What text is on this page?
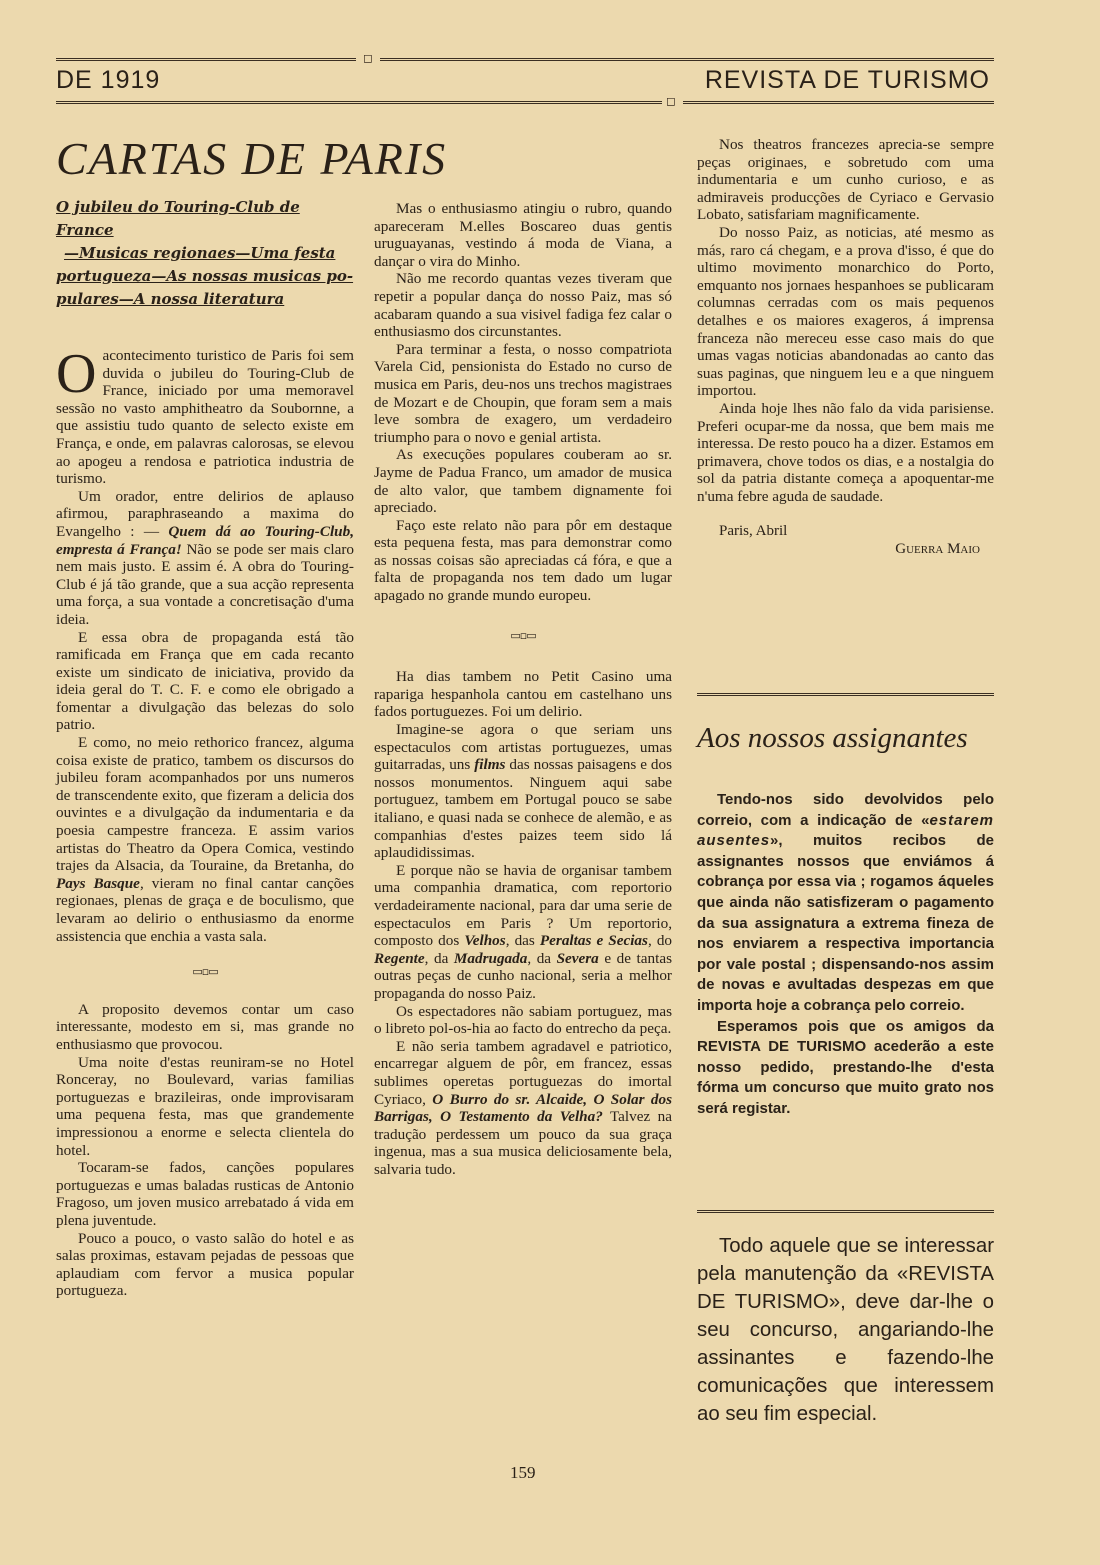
◻
DE 1919	REVISTA DE TURISMO
◻
CARTAS DE PARIS
O jubileu do Touring-Club de France
—Musicas regionaes—Uma festa
portugueza—As nossas musicas po-
pulares—A nossa literatura

Oacontecimento turistico de Paris foi sem duvida o jubileu do Touring-Club de France, iniciado por uma memoravel sessão no vasto amphitheatro da Soubornne, a que assistiu tudo quanto de selecto existe em França, e onde, em palavras calorosas, se elevou ao apogeu a rendosa e patriotica industria de turismo.

Um orador, entre delirios de aplauso afirmou, paraphraseando a maxima do Evangelho : — Quem dá ao Touring-Club, empresta á França! Não se pode ser mais claro nem mais justo. E assim é. A obra do Touring-Club é já tão grande, que a sua acção representa uma força, a sua vontade a concretisação d'uma ideia.

E essa obra de propaganda está tão ramificada em França que em cada recanto existe um sindicato de iniciativa, provido da ideia geral do T. C. F. e como ele obrigado a fomentar a divulgação das belezas do solo patrio.

E como, no meio rethorico francez, alguma coisa existe de pratico, tambem os discursos do jubileu foram acompanhados por uns numeros de transcendente exito, que fizeram a delicia dos ouvintes e a divulgação da indumentaria e da poesia campestre franceza. E assim varios artistas do Theatro da Opera Comica, vestindo trajes da Alsacia, da Touraine, da Bretanha, do Pays Basque, vieram no final cantar canções regionaes, plenas de graça e de boculismo, que levaram ao delirio o enthusiasmo da enorme assistencia que enchia a vasta sala.

▭▫▭

A proposito devemos contar um caso interessante, modesto em si, mas grande no enthusiasmo que provocou.

Uma noite d'estas reuniram-se no Hotel Ronceray, no Boulevard, varias familias portuguezas e brazileiras, onde improvisaram uma pequena festa, mas que grandemente impressionou a enorme e selecta clientela do hotel.

Tocaram-se fados, canções populares portuguezas e umas baladas rusticas de Antonio Fragoso, um joven musico arrebatado á vida em plena juventude.

Pouco a pouco, o vasto salão do hotel e as salas proximas, estavam pejadas de pessoas que aplaudiam com fervor a musica popular portugueza.

Mas o enthusiasmo atingiu o rubro, quando apareceram M.elles Boscareo duas gentis uruguayanas, vestindo á moda de Viana, a dançar o vira do Minho.

Não me recordo quantas vezes tiveram que repetir a popular dança do nosso Paiz, mas só acabaram quando a sua visivel fadiga fez calar o enthusiasmo dos circunstantes.

Para terminar a festa, o nosso compatriota Varela Cid, pensionista do Estado no curso de musica em Paris, deu-nos uns trechos magistraes de Mozart e de Choupin, que foram sem a mais leve sombra de exagero, um verdadeiro triumpho para o novo e genial artista.

As execuções populares couberam ao sr. Jayme de Padua Franco, um amador de musica de alto valor, que tambem dignamente foi apreciado.

Faço este relato não para pôr em destaque esta pequena festa, mas para demonstrar como as nossas coisas são apreciadas cá fóra, e que a falta de propaganda nos tem dado um lugar apagado no grande mundo europeu.

▭▫▭

Ha dias tambem no Petit Casino uma rapariga hespanhola cantou em castelhano uns fados portuguezes. Foi um delirio.

Imagine-se agora o que seriam uns espectaculos com artistas portuguezes, umas guitarradas, uns films das nossas paisagens e dos nossos monumentos. Ninguem aqui sabe portuguez, tambem em Portugal pouco se sabe italiano, e quasi nada se conhece de alemão, e as companhias d'estes paizes teem sido lá aplaudidissimas.

E porque não se havia de organisar tambem uma companhia dramatica, com reportorio verdadeiramente nacional, para dar uma serie de espectaculos em Paris ? Um reportorio, composto dos Velhos, das Peraltas e Secias, do Regente, da Madrugada, da Severa e de tantas outras peças de cunho nacional, seria a melhor propaganda do nosso Paiz.

Os espectadores não sabiam portuguez, mas o libreto pol-os-hia ao facto do entrecho da peça.

E não seria tambem agradavel e patriotico, encarregar alguem de pôr, em francez, essas sublimes operetas portuguezas do imortal Cyriaco, O Burro do sr. Alcaide, O Solar dos Barrigas, O Testamento da Velha? Talvez na tradução perdessem um pouco da sua graça ingenua, mas a sua musica deliciosamente bela, salvaria tudo.

Nos theatros francezes aprecia-se sempre peças originaes, e sobretudo com uma indumentaria e um cunho curioso, e as admiraveis producções de Cyriaco e Gervasio Lobato, satisfariam magnificamente.

Do nosso Paiz, as noticias, até mesmo as más, raro cá chegam, e a prova d'isso, é que do ultimo movimento monarchico do Porto, emquanto nos jornaes hespanhoes se publicaram columnas cerradas com os mais pequenos detalhes e os maiores exageros, á imprensa franceza não mereceu esse caso mais do que umas vagas noticias abandonadas ao canto das suas paginas, que ninguem leu e a que ninguem importou.

Ainda hoje lhes não falo da vida parisiense. Preferi ocupar-me da nossa, que bem mais me interessa. De resto pouco ha a dizer. Estamos em primavera, chove todos os dias, e a nostalgia do sol da patria distante começa a apoquentar-me n'uma febre aguda de saudade.

Paris, Abril
Guerra Maio
Aos nossos assignantes

Tendo-nos sido devolvidos pelo correio, com a indicação de «estarem ausentes», muitos recibos de assignantes nossos que enviámos á cobrança por essa via ; rogamos áqueles que ainda não satisfizeram o pagamento da sua assignatura a extrema fineza de nos enviarem a respectiva importancia por vale postal ; dispensando-nos assim de novas e avultadas despezas em que importa hoje a cobrança pelo correio.

Esperamos pois que os amigos da REVISTA DE TURISMO acederão a este nosso pedido, prestando-lhe d'esta fórma um concurso que muito grato nos será registar.

Todo aquele que se interessar pela manutenção da «REVISTA DE TURISMO», deve dar-lhe o seu concurso, angariando-lhe assinantes e fazendo-lhe comunicações que interessem ao seu fim especial.

159
